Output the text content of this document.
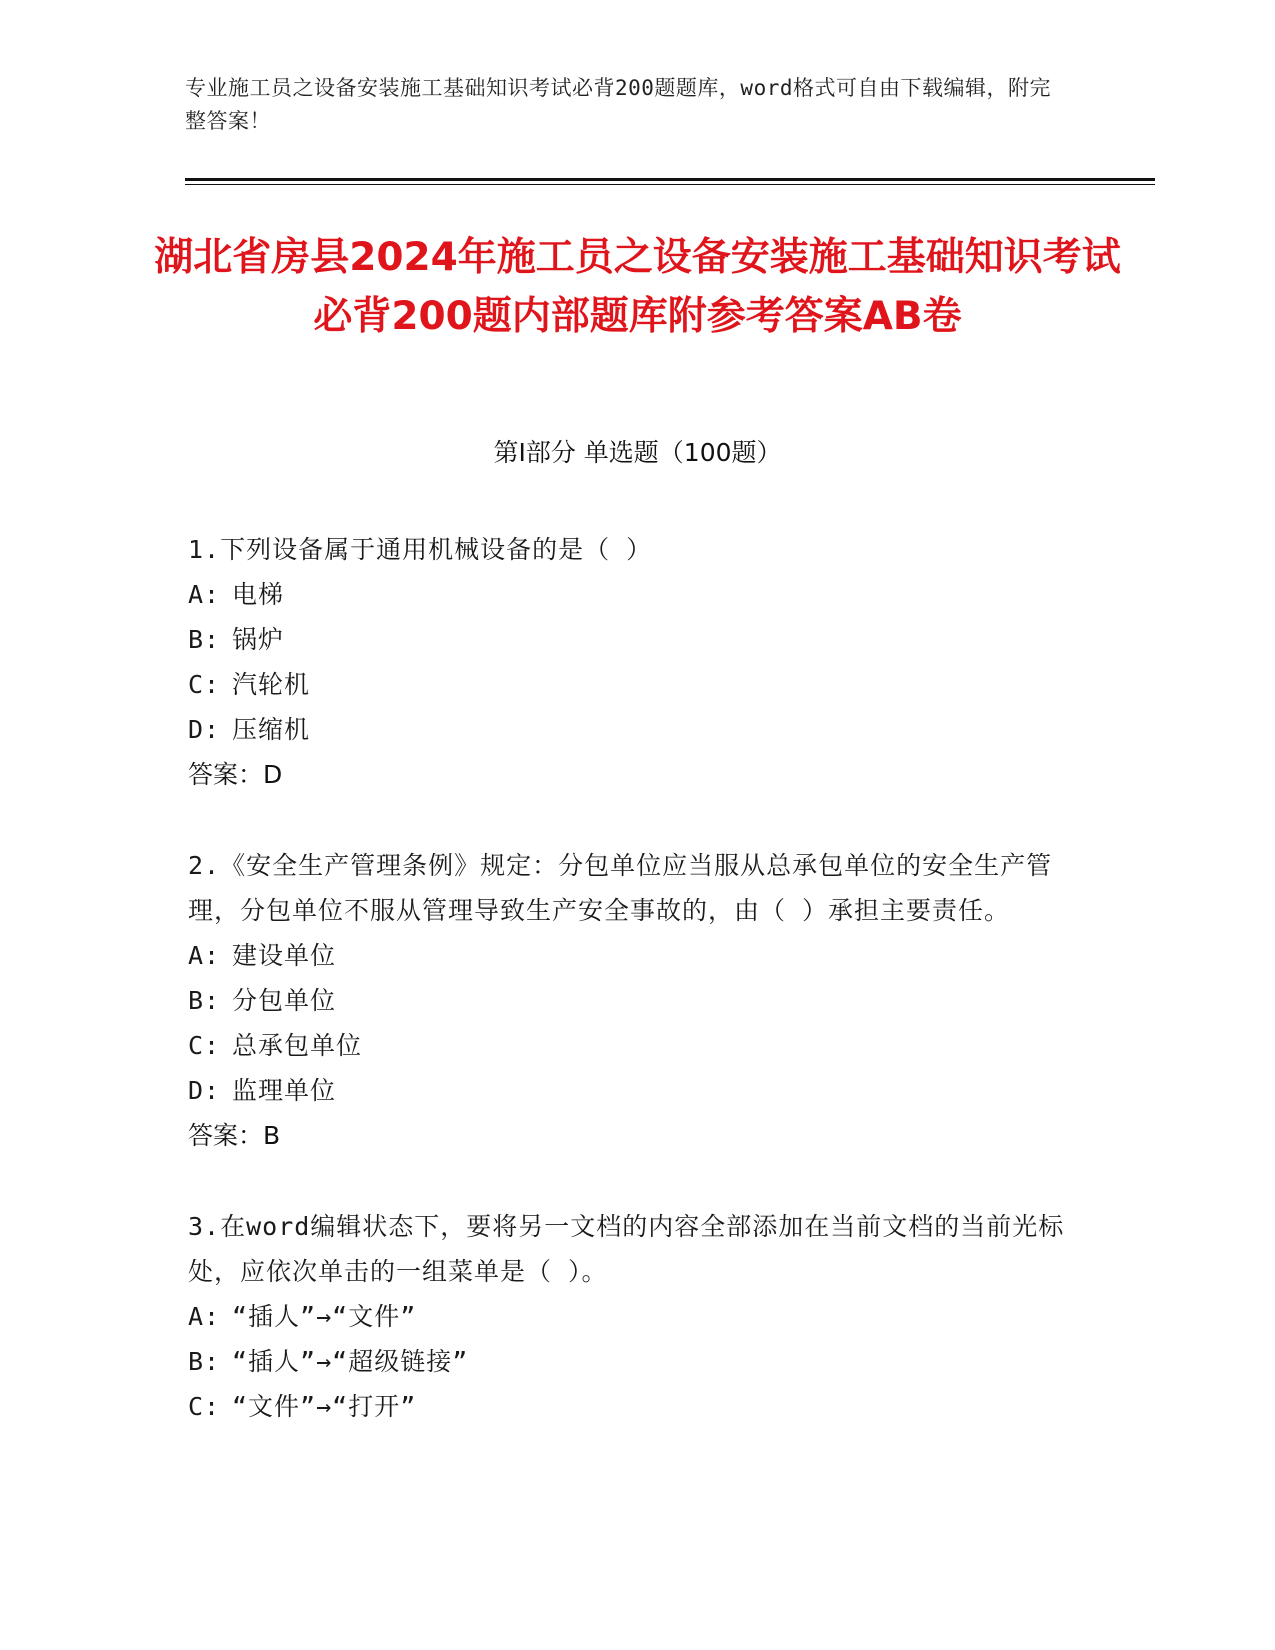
专业施工员之设备安装施工基础知识考试必背200题题库，word格式可自由下载编辑，附完整答案！
湖北省房县2024年施工员之设备安装施工基础知识考试必背200题内部题库附参考答案AB卷
第Ⅰ部分 单选题（100题）
1.下列设备属于通用机械设备的是（ ）
A: 电梯
B: 锅炉
C: 汽轮机
D: 压缩机
答案：D
2.《安全生产管理条例》规定：分包单位应当服从总承包单位的安全生产管理，分包单位不服从管理导致生产安全事故的，由（ ）承担主要责任。
A: 建设单位
B: 分包单位
C: 总承包单位
D: 监理单位
答案：B
3.在word编辑状态下，要将另一文档的内容全部添加在当前文档的当前光标处，应依次单击的一组菜单是（ ）。
A: “插人”→“文件”
B: “插人”→“超级链接”
C: “文件”→“打开”
